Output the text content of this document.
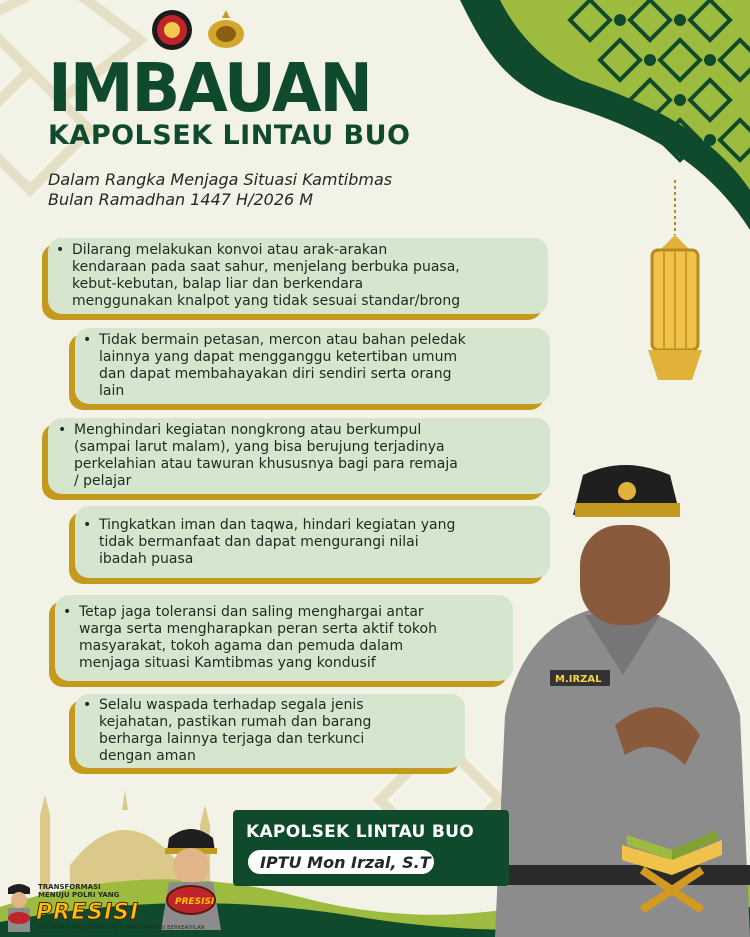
IMBAUAN
KAPOLSEK LINTAU BUO
Dalam Rangka Menjaga Situasi Kamtibmas
Bulan Ramadhan 1447 H/2026 M
• Dilarang melakukan konvoi atau arak-arakan
kendaraan pada saat sahur, menjelang berbuka puasa,
kebut-kebutan, balap liar dan berkendara
menggunakan knalpot yang tidak sesuai standar/brong
• Tidak bermain petasan, mercon atau bahan peledak
lainnya yang dapat mengganggu ketertiban umum
dan dapat membahayakan diri sendiri serta orang
lain
• Menghindari kegiatan nongkrong atau berkumpul
(sampai larut malam), yang bisa berujung terjadinya
perkelahian atau tawuran khususnya bagi para remaja
/ pelajar
• Tingkatkan iman dan taqwa, hindari kegiatan yang
tidak bermanfaat dan dapat mengurangi nilai
ibadah puasa
• Tetap jaga toleransi dan saling menghargai antar
warga serta mengharapkan peran serta aktif tokoh
masyarakat, tokoh agama dan pemuda dalam
menjaga situasi Kamtibmas yang kondusif
• Selalu waspada terhadap segala jenis
kejahatan, pastikan rumah dan barang
berharga lainnya terjaga dan terkunci
dengan aman
M.IRZAL
KAPOLSEK LINTAU BUO
IPTU Mon Irzal, S.T
PRESISI
TRANSFORMASI
MENUJU POLRI YANG
PRESISI
PREDIKTIF • RESPONSIBILITAS • TRANSPARANSI BERKEADILAN
